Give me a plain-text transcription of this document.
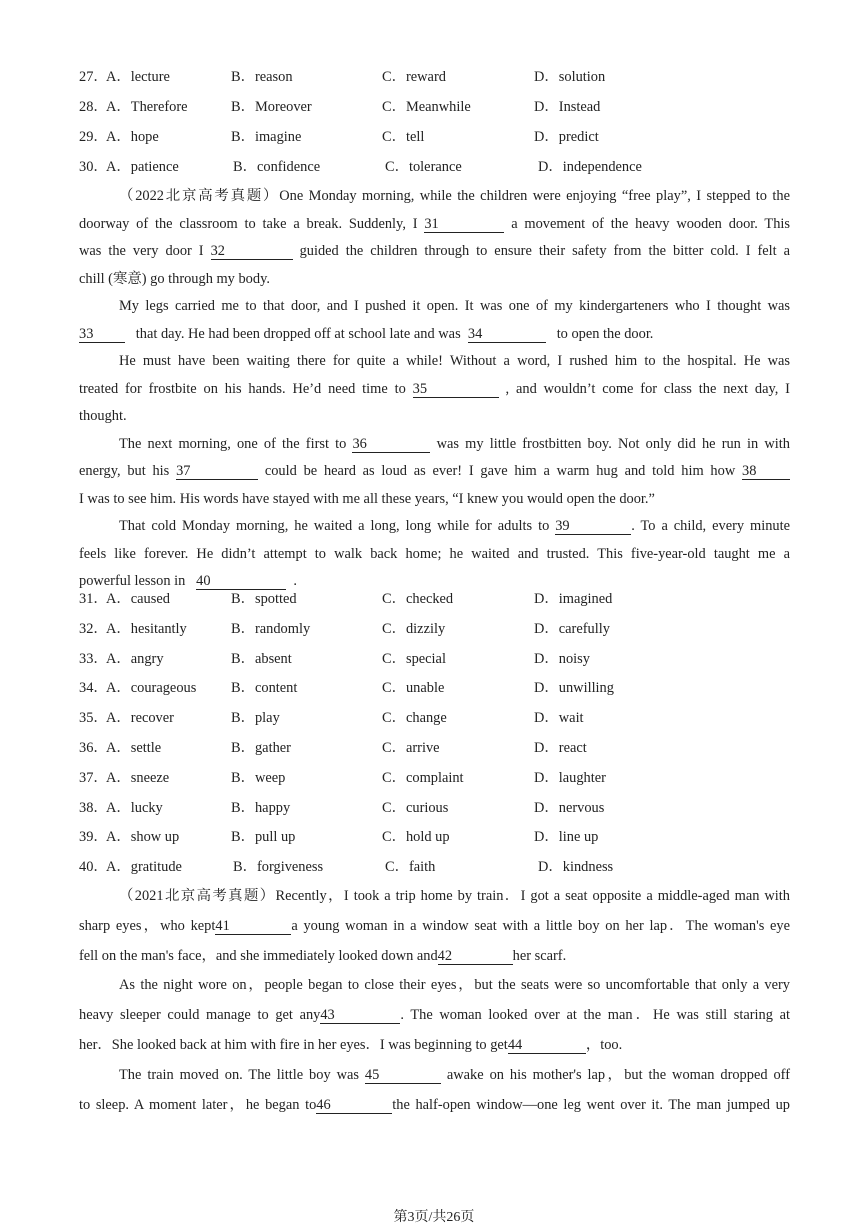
27．
A．lecture	B．reason	C．reward	D．solution
28．
A．Therefore	B．Moreover	C．Meanwhile	D．Instead
29．
A．hope	B．imagine	C．tell	D．predict
30．
A．patience	B．confidence	C．tolerance	D．independence
（2022北京高考真题）One Monday morning, while the children were enjoying “free play”, I stepped to the
doorway of the classroom to take a break. Suddenly, I 31	a movement of the heavy wooden door. This
was the very door I 32	guided the children through to ensure their safety from the bitter cold. I felt a
chill (寒意) go through my body.
My legs carried me to that door, and I pushed it open. It was one of my kindergarteners who I thought was
33	that day. He had been dropped off at school late and was 34	to open the door.
He must have been waiting there for quite a while! Without a word, I rushed him to the hospital. He was
treated for frostbite on his hands. He’d need time to 35	, and wouldn’t come for class the next day, I
thought.
The next morning, one of the first to 36	was my little frostbitten boy. Not only did he run in with
energy, but his 37	could be heard as loud as ever! I gave him a warm hug and told him how 38
I was to see him. His words have stayed with me all these years, “I knew you would open the door.”
That cold Monday morning, he waited a long, long while for adults to 39	. To a child, every minute
feels like forever. He didn’t attempt to walk back home; he waited and trusted. This five-year-old taught me a
powerful lesson in 40	.
31．
A．caused	B．spotted	C．checked	D．imagined
32．
A．hesitantly	B．randomly	C．dizzily	D．carefully
33．
A．angry	B．absent	C．special	D．noisy
34．
A．courageous B．content	C．unable	D．unwilling
35．
A．recover	B．play	C．change	D．wait
36．
A．settle	B．gather	C．arrive	D．react
37．
A．sneeze	B．weep	C．complaint	D．laughter
38．
A．lucky	B．happy	C．curious	D．nervous
39．
A．show up	B．pull up	C．hold up	D．line up
40．
A．gratitude	B．forgiveness	C．faith	D．kindness
（2021北京高考真题）Recently，I took a trip home by train．I got a seat opposite a middle-aged man with
sharp eyes，who kept41	a young woman in a window seat with a little boy on her lap．The woman's eye
fell on the man's face，and she immediately looked down and42	her scarf.
As the night wore on，people began to close their eyes，but the seats were so uncomfortable that only a very
heavy sleeper could manage to get any43	. The woman looked over at the man．He was still staring at
her．She looked back at him with fire in her eyes．I was beginning to get44	，too.
The train moved on. The little boy was 45	awake on his mother's lap，but the woman dropped off
to sleep. A moment later，he began to46	the half-open window—one leg went over it. The man jumped up
第3页/共26页
